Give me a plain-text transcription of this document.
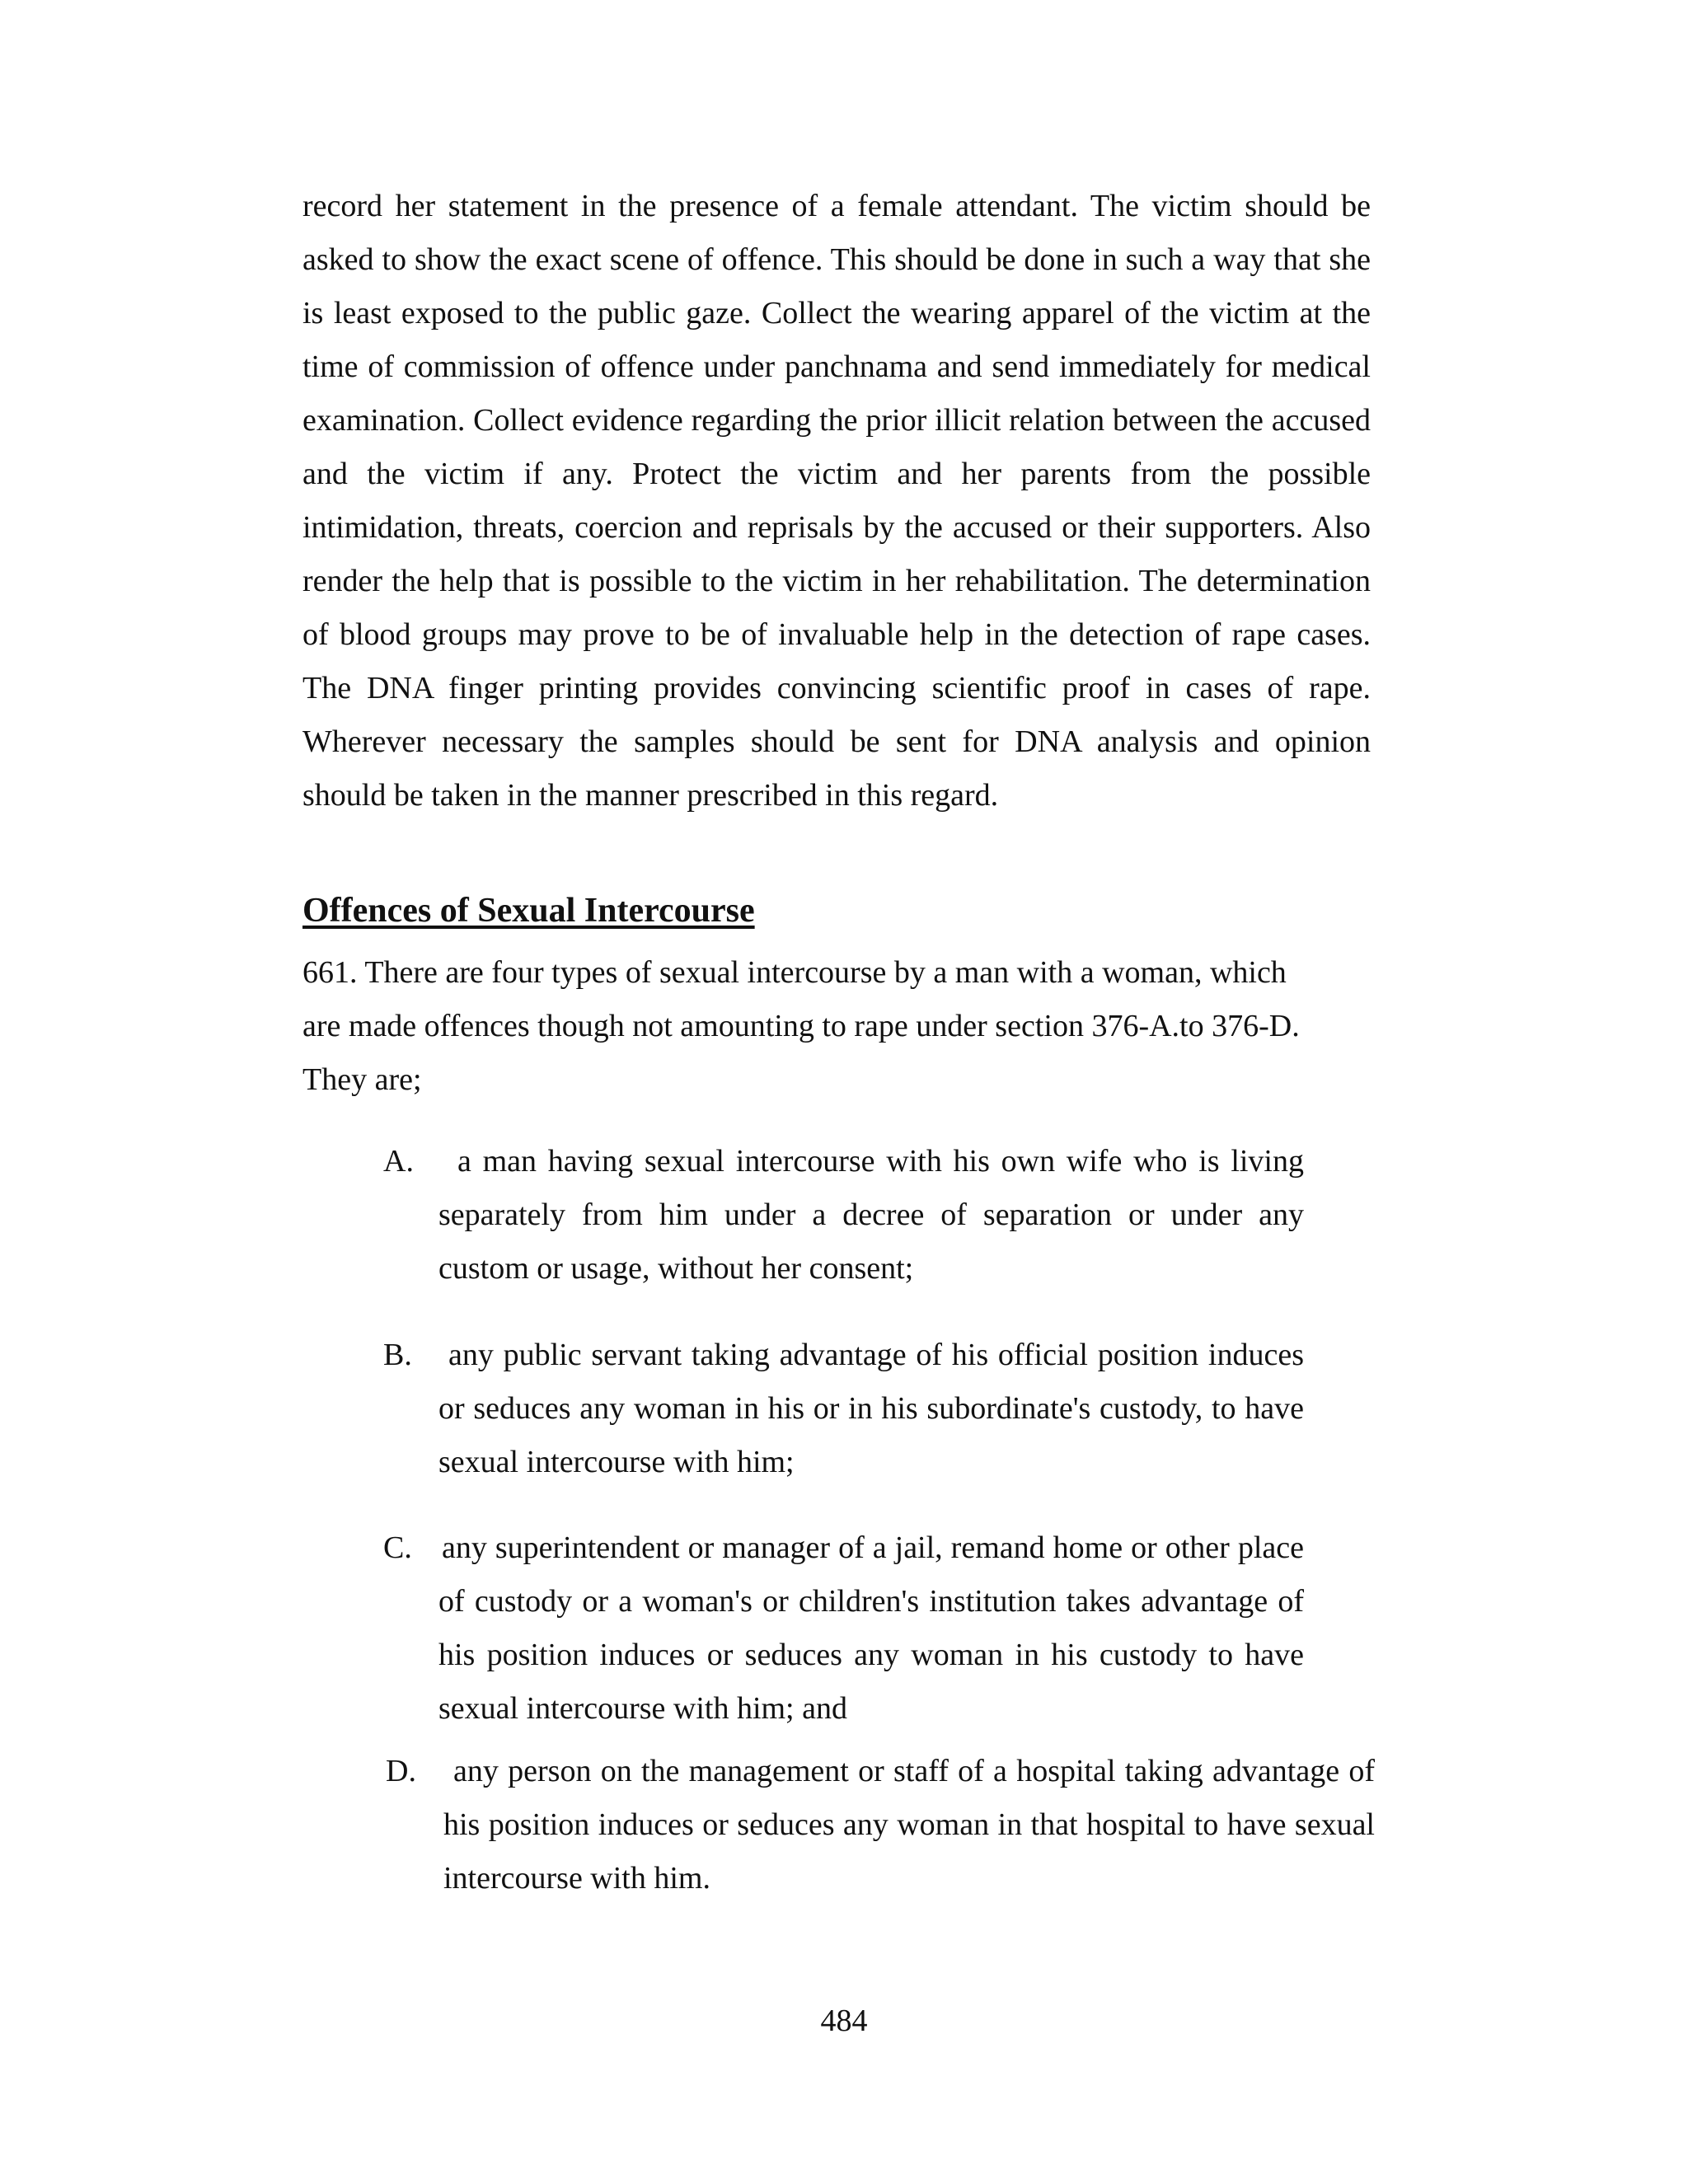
record her statement in the presence of a female attendant. The victim should be asked to show the exact scene of offence. This should be done in such a way that she is least exposed to the public gaze. Collect the wearing apparel of the victim at the time of commission of offence under panchnama and send immediately for medical examination. Collect evidence regarding the prior illicit relation between the accused and the victim if any. Protect the victim and her parents from the possible intimidation, threats, coercion and reprisals by the accused or their supporters. Also render the help that is possible to the victim in her rehabilitation. The determination of blood groups may prove to be of invaluable help in the detection of rape cases. The DNA finger printing provides convincing scientific proof in cases of rape. Wherever necessary the samples should be sent for DNA analysis and opinion should be taken in the manner prescribed in this regard.

Offences of Sexual Intercourse

661. There are four types of sexual intercourse by a man with a woman, which are made offences though not amounting to rape under section 376-A.to 376-D. They are;

A.	a man having sexual intercourse with his own wife who is living separately from him under a decree of separation or under any custom or usage, without her consent;
B.	any public servant taking advantage of his official position induces or seduces any woman in his or in his subordinate's custody, to have sexual intercourse with him;
C. any superintendent or manager of a jail, remand home or other place of custody or a woman's or children's institution takes advantage of his position induces or seduces any woman in his custody to have sexual intercourse with him; and
D.	any person on the management or staff of a hospital taking advantage of his position induces or seduces any woman in that hospital to have sexual intercourse with him.
484
